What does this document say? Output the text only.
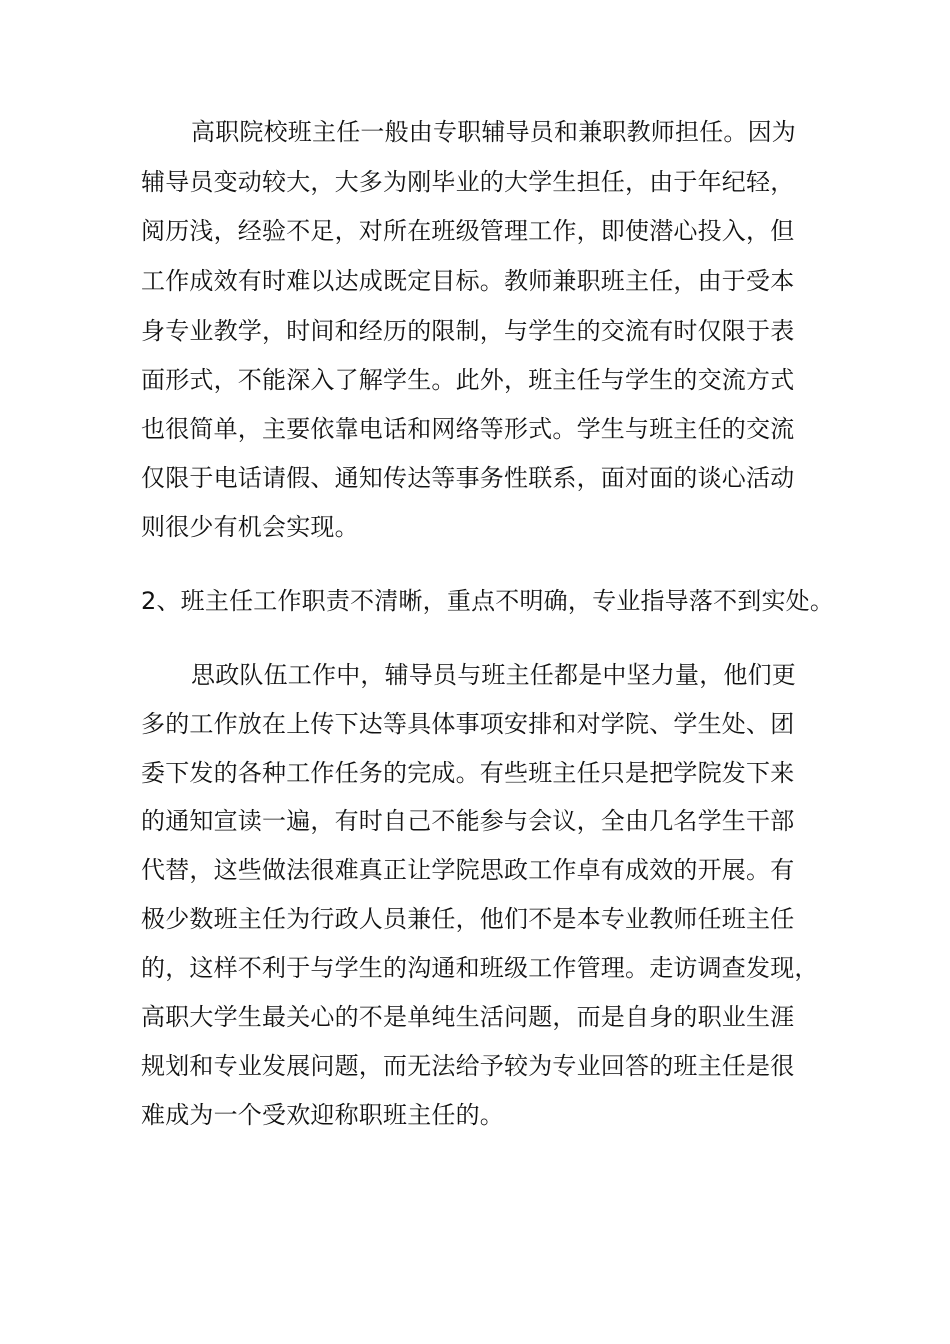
高职院校班主任一般由专职辅导员和兼职教师担任。因为
辅导员变动较大，大多为刚毕业的大学生担任，由于年纪轻，
阅历浅，经验不足，对所在班级管理工作，即使潜心投入，但
工作成效有时难以达成既定目标。教师兼职班主任，由于受本
身专业教学，时间和经历的限制，与学生的交流有时仅限于表
面形式，不能深入了解学生。此外，班主任与学生的交流方式
也很简单，主要依靠电话和网络等形式。学生与班主任的交流
仅限于电话请假、通知传达等事务性联系，面对面的谈心活动
则很少有机会实现。
2、班主任工作职责不清晰，重点不明确，专业指导落不到实处。
思政队伍工作中，辅导员与班主任都是中坚力量，他们更
多的工作放在上传下达等具体事项安排和对学院、学生处、团
委下发的各种工作任务的完成。有些班主任只是把学院发下来
的通知宣读一遍，有时自己不能参与会议，全由几名学生干部
代替，这些做法很难真正让学院思政工作卓有成效的开展。有
极少数班主任为行政人员兼任，他们不是本专业教师任班主任
的，这样不利于与学生的沟通和班级工作管理。走访调查发现，
高职大学生最关心的不是单纯生活问题，而是自身的职业生涯
规划和专业发展问题，而无法给予较为专业回答的班主任是很
难成为一个受欢迎称职班主任的。
